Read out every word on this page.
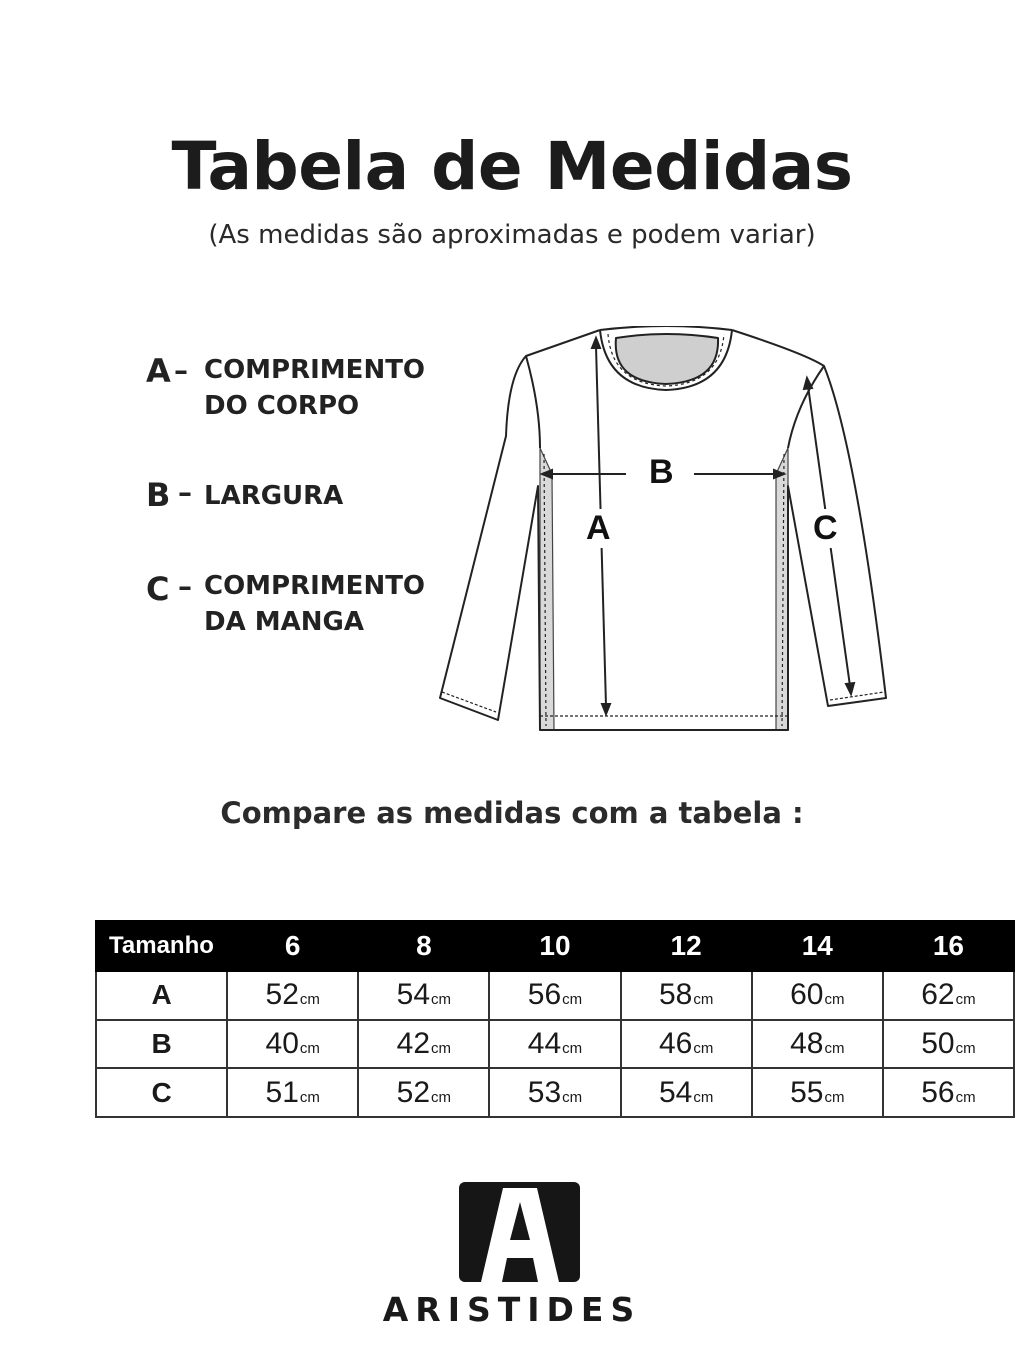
Tabela de Medidas
(As medidas são aproximadas e podem variar)
A – COMPRIMENTO
DO CORPO
B – LARGURA
C – COMPRIMENTO
DA MANGA
A
B
C
Compare as medidas com a tabela :
Tamanho	6	8	10	12	14	16
A	52cm	54cm	56cm	58cm	60cm	62cm
B	40cm	42cm	44cm	46cm	48cm	50cm
C	51cm	52cm	53cm	54cm	55cm	56cm
ARISTIDES
